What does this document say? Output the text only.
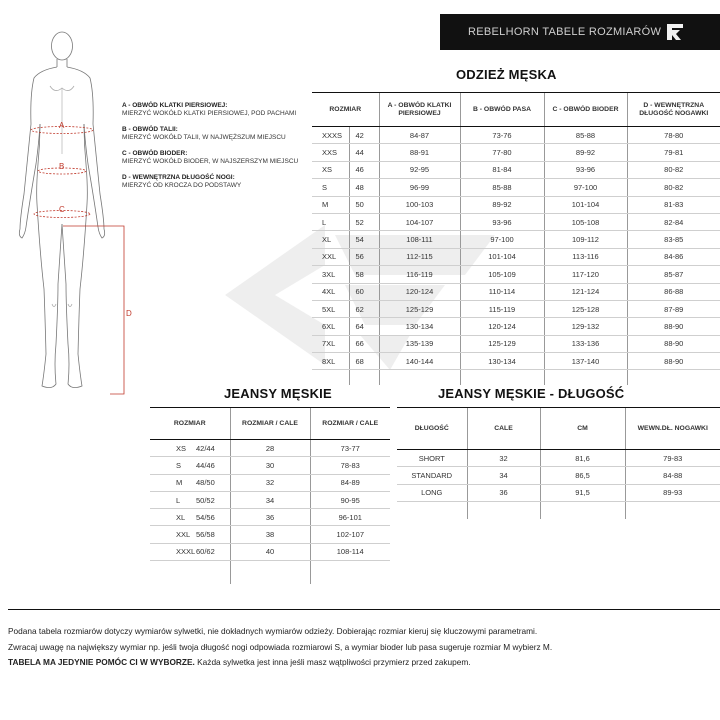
REBELHORN TABELE ROZMIARÓW
A
B
C
D
A - OBWÓD KLATKI PIERSIOWEJ:
MIERZYĆ WOKÓŁD KLATKI PIERSIOWEJ, POD PACHAMI
B - OBWÓD TALII:
MIERZYĆ WOKÓŁD TALII, W NAJWĘŻSZUM MIEJSCU
C - OBWÓD BIODER:
MIERZYĆ WOKÓŁD BIODER, W NAJSZERSZYM MIEJSCU
D - WEWNĘTRZNA DŁUGOŚĆ NOGI:
MIERZYĆ OD KROCZA DO PODSTAWY
ODZIEŻ MĘSKA
ROZMIAR		A - OBWÓD KLATKI PIERSIOWEJ	B - OBWÓD PASA	C - OBWÓD BIODER	D - WEWNĘTRZNA DŁUGOŚĆ NOGAWKI
XXXS	42	84-87	73-76	85-88	78-80
XXS	44	88-91	77-80	89-92	79-81
XS	46	92-95	81-84	93-96	80-82
S	48	96-99	85-88	97-100	80-82
M	50	100-103	89-92	101-104	81-83
L	52	104-107	93-96	105-108	82-84
XL	54	108-111	97-100	109-112	83-85
XXL	56	112-115	101-104	113-116	84-86
3XL	58	116-119	105-109	117-120	85-87
4XL	60	120-124	110-114	121-124	86-88
5XL	62	125-129	115-119	125-128	87-89
6XL	64	130-134	120-124	129-132	88-90
7XL	66	135-139	125-129	133-136	88-90
8XL	68	140-144	130-134	137-140	88-90

JEANSY MĘSKIE
ROZMIAR		ROZMIAR / CALE	ROZMIAR / CALE
XS	42/44	28	73-77
S	44/46	30	78-83
M	48/50	32	84-89
L	50/52	34	90-95
XL	54/56	36	96-101
XXL	56/58	38	102-107
XXXL	60/62	40	108-114

JEANSY MĘSKIE - DŁUGOŚĆ
DŁUGOŚĆ	CALE	CM	WEWN.DŁ. NOGAWKI
SHORT	32	81,6	79-83
STANDARD	34	86,5	84-88
LONG	36	91,5	89-93

Podana tabela rozmiarów dotyczy wymiarów sylwetki, nie dokładnych wymiarów odzieży. Dobierając rozmiar kieruj się kluczowymi parametrami.
Zwracaj uwagę na największy wymiar np. jeśli twoja długość nogi odpowiada rozmiarowi S, a wymiar bioder lub pasa sugeruje rozmiar M wybierz M.
TABELA MA JEDYNIE POMÓC CI W WYBORZE. Każda sylwetka jest inna jeśli masz wątpliwości przymierz przed zakupem.
